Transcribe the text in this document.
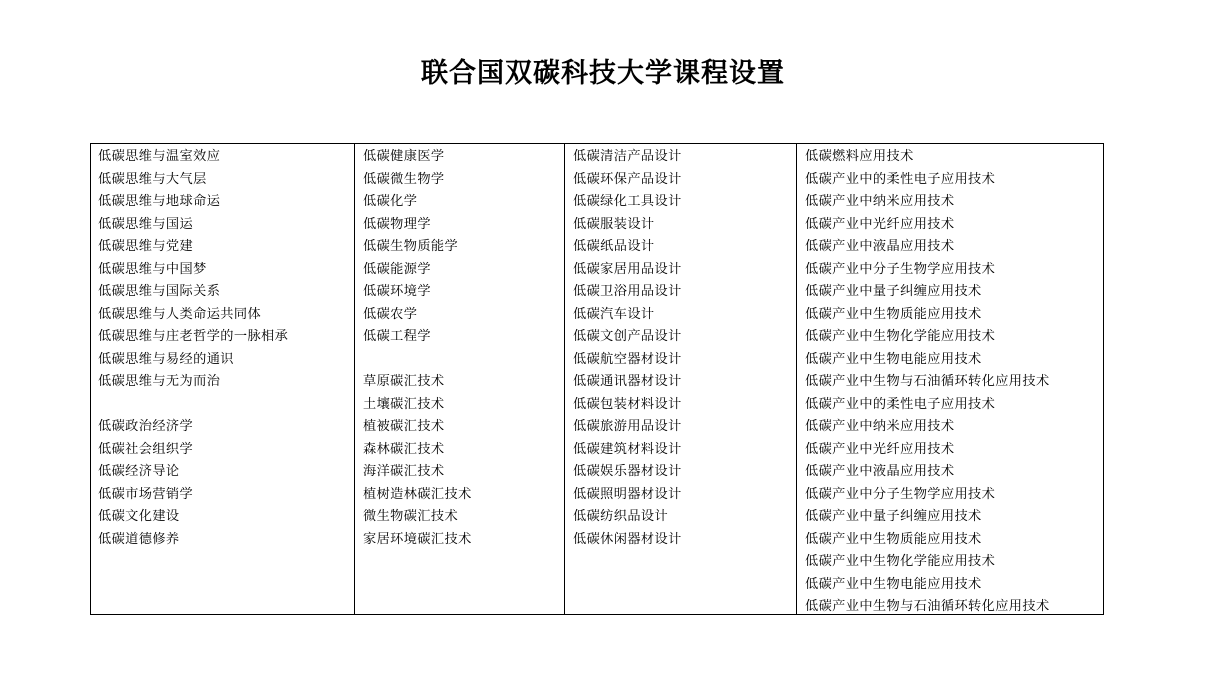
联合国双碳科技大学课程设置
低碳思维与温室效应
低碳思维与大气层
低碳思维与地球命运
低碳思维与国运
低碳思维与党建
低碳思维与中国梦
低碳思维与国际关系
低碳思维与人类命运共同体
低碳思维与庄老哲学的一脉相承
低碳思维与易经的通识
低碳思维与无为而治
低碳政治经济学
低碳社会组织学
低碳经济导论
低碳市场营销学
低碳文化建设
低碳道德修养
低碳健康医学
低碳微生物学
低碳化学
低碳物理学
低碳生物质能学
低碳能源学
低碳环境学
低碳农学
低碳工程学
草原碳汇技术
土壤碳汇技术
植被碳汇技术
森林碳汇技术
海洋碳汇技术
植树造林碳汇技术
微生物碳汇技术
家居环境碳汇技术
低碳清洁产品设计
低碳环保产品设计
低碳绿化工具设计
低碳服装设计
低碳纸品设计
低碳家居用品设计
低碳卫浴用品设计
低碳汽车设计
低碳文创产品设计
低碳航空器材设计
低碳通讯器材设计
低碳包装材料设计
低碳旅游用品设计
低碳建筑材料设计
低碳娱乐器材设计
低碳照明器材设计
低碳纺织品设计
低碳休闲器材设计
低碳燃料应用技术
低碳产业中的柔性电子应用技术
低碳产业中纳米应用技术
低碳产业中光纤应用技术
低碳产业中液晶应用技术
低碳产业中分子生物学应用技术
低碳产业中量子纠缠应用技术
低碳产业中生物质能应用技术
低碳产业中生物化学能应用技术
低碳产业中生物电能应用技术
低碳产业中生物与石油循环转化应用技术
低碳产业中的柔性电子应用技术
低碳产业中纳米应用技术
低碳产业中光纤应用技术
低碳产业中液晶应用技术
低碳产业中分子生物学应用技术
低碳产业中量子纠缠应用技术
低碳产业中生物质能应用技术
低碳产业中生物化学能应用技术
低碳产业中生物电能应用技术
低碳产业中生物与石油循环转化应用技术
